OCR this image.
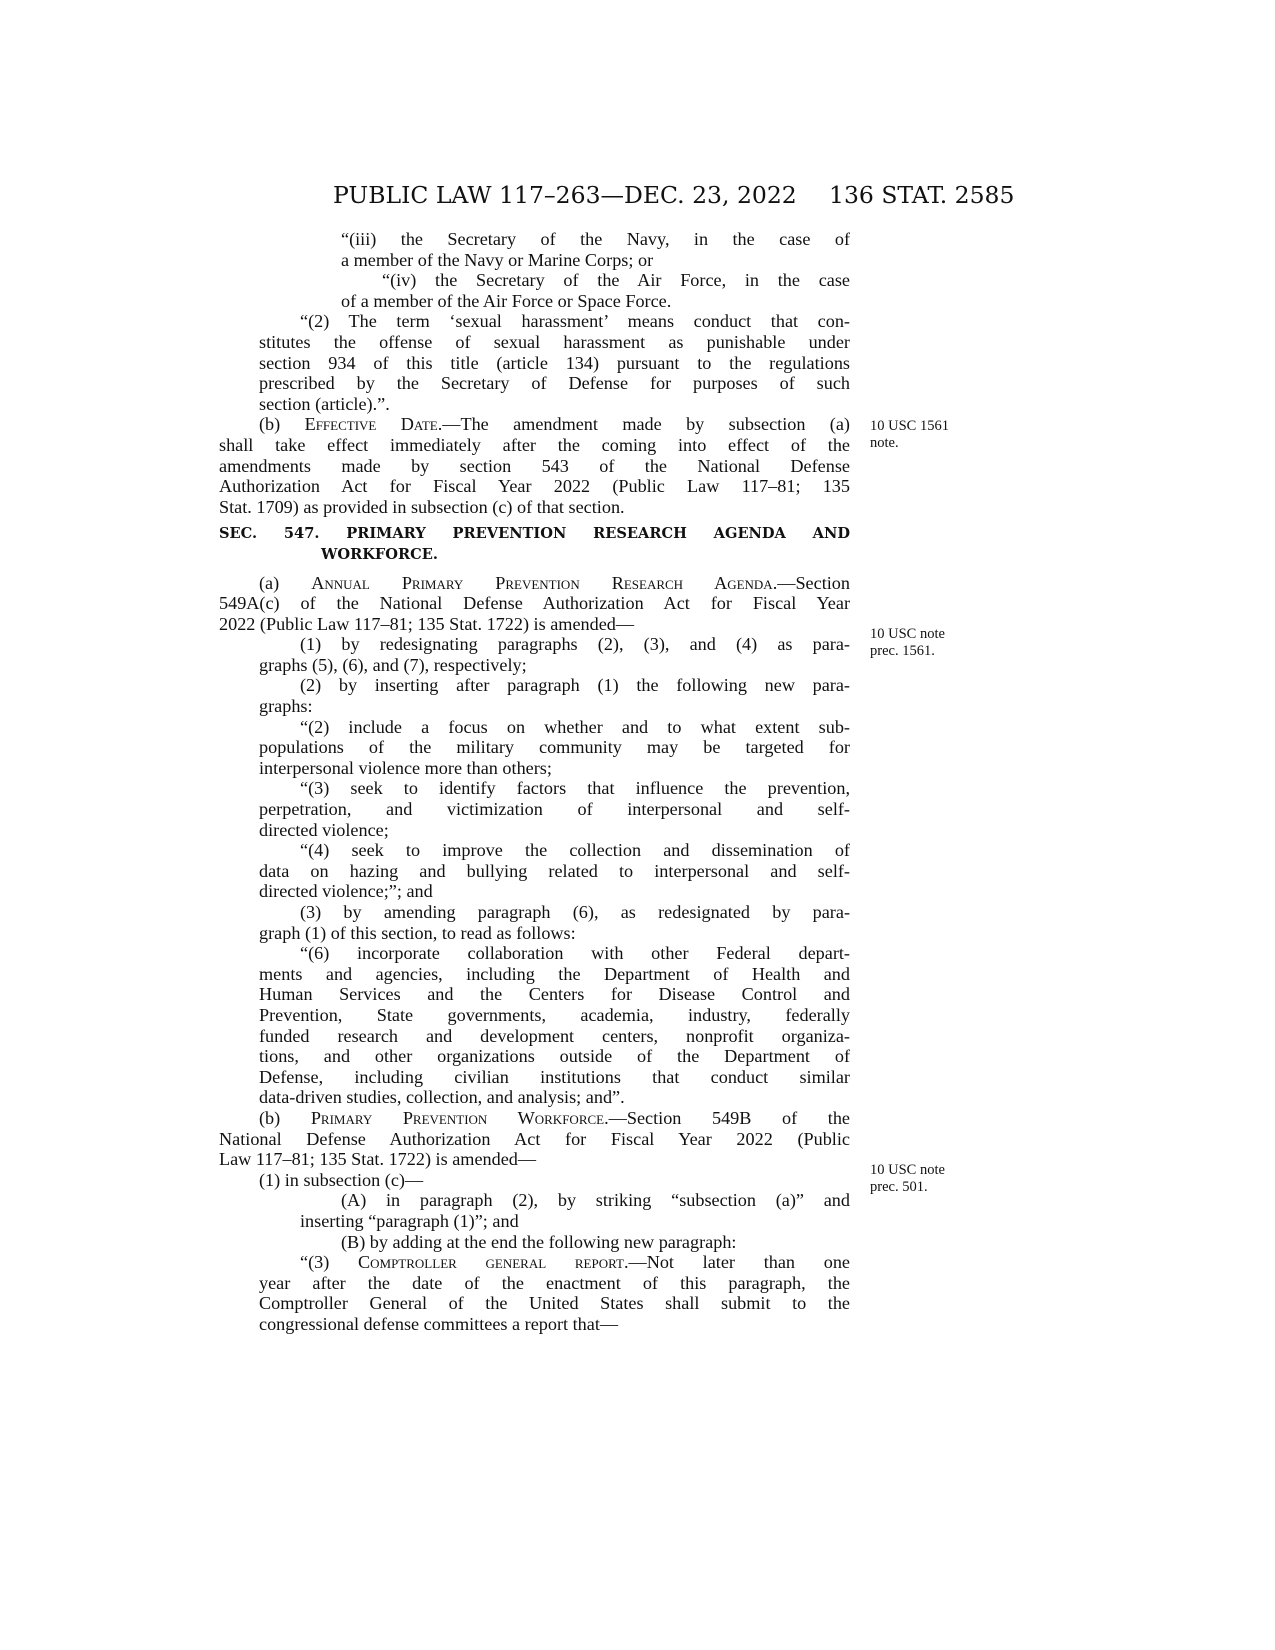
PUBLIC LAW 117–263—DEC. 23, 2022 136 STAT. 2585
“(iii) the Secretary of the Navy, in the case of
a member of the Navy or Marine Corps; or
“(iv) the Secretary of the Air Force, in the case
of a member of the Air Force or Space Force.
“(2) The term ‘sexual harassment’ means conduct that con-
stitutes the offense of sexual harassment as punishable under
section 934 of this title (article 134) pursuant to the regulations
prescribed by the Secretary of Defense for purposes of such
section (article).”.
(b) Effective Date.—The amendment made by subsection (a)
shall take effect immediately after the coming into effect of the
amendments made by section 543 of the National Defense
Authorization Act for Fiscal Year 2022 (Public Law 117–81; 135
Stat. 1709) as provided in subsection (c) of that section.
SEC. 547. PRIMARY PREVENTION RESEARCH AGENDA AND
WORKFORCE.
(a) Annual Primary Prevention Research Agenda.—Section
549A(c) of the National Defense Authorization Act for Fiscal Year
2022 (Public Law 117–81; 135 Stat. 1722) is amended—
(1) by redesignating paragraphs (2), (3), and (4) as para-
graphs (5), (6), and (7), respectively;
(2) by inserting after paragraph (1) the following new para-
graphs:
“(2) include a focus on whether and to what extent sub-
populations of the military community may be targeted for
interpersonal violence more than others;
“(3) seek to identify factors that influence the prevention,
perpetration, and victimization of interpersonal and self-
directed violence;
“(4) seek to improve the collection and dissemination of
data on hazing and bullying related to interpersonal and self-
directed violence;”; and
(3) by amending paragraph (6), as redesignated by para-
graph (1) of this section, to read as follows:
“(6) incorporate collaboration with other Federal depart-
ments and agencies, including the Department of Health and
Human Services and the Centers for Disease Control and
Prevention, State governments, academia, industry, federally
funded research and development centers, nonprofit organiza-
tions, and other organizations outside of the Department of
Defense, including civilian institutions that conduct similar
data-driven studies, collection, and analysis; and”.
(b) Primary Prevention Workforce.—Section 549B of the
National Defense Authorization Act for Fiscal Year 2022 (Public
Law 117–81; 135 Stat. 1722) is amended—
(1) in subsection (c)—
(A) in paragraph (2), by striking “subsection (a)” and
inserting “paragraph (1)”; and
(B) by adding at the end the following new paragraph:
“(3) Comptroller general report.—Not later than one
year after the date of the enactment of this paragraph, the
Comptroller General of the United States shall submit to the
congressional defense committees a report that—
10 USC 1561
note.
10 USC note
prec. 1561.
10 USC note
prec. 501.
